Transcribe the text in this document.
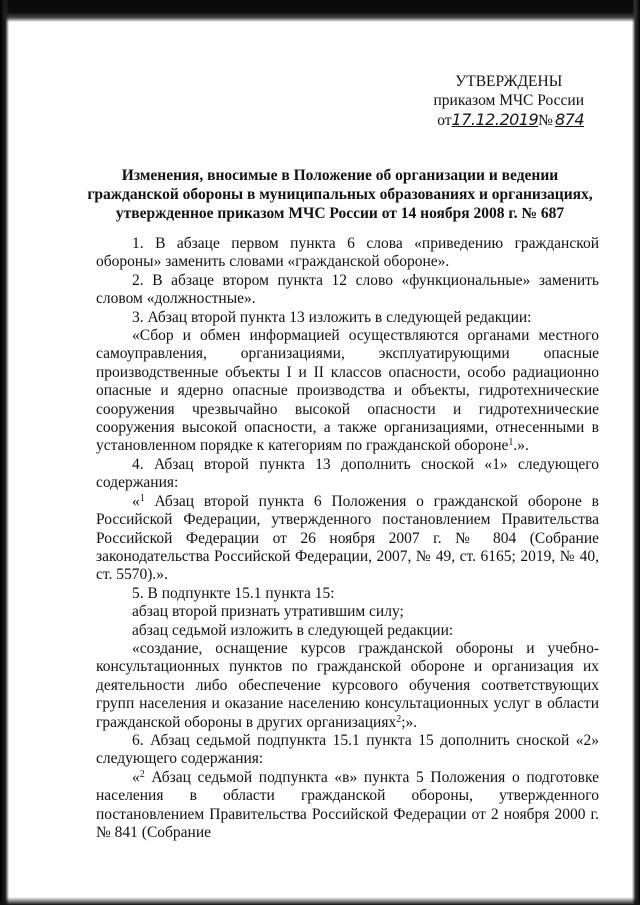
УТВЕРЖДЕНЫ
приказом МЧС России
от17.12.2019№ 874
Изменения, вносимые в Положение об организации и ведении гражданской обороны в муниципальных образованиях и организациях, утвержденное приказом МЧС России от 14 ноября 2008 г. № 687

1. В абзаце первом пункта 6 слова «приведению гражданской обороны» заменить словами «гражданской обороне».

2. В абзаце втором пункта 12 слово «функциональные» заменить словом «должностные».

3. Абзац второй пункта 13 изложить в следующей редакции:

«Сбор и обмен информацией осуществляются органами местного самоуправления, организациями, эксплуатирующими опасные производственные объекты I и II классов опасности, особо радиационно опасные и ядерно опасные производства и объекты, гидротехнические сооружения чрезвычайно высокой опасности и гидротехнические сооружения высокой опасности, а также организациями, отнесенными в установленном порядке к категориям по гражданской обороне$^1$.».

4. Абзац второй пункта 13 дополнить сноской «1» следующего содержания:

«$^1$ Абзац второй пункта 6 Положения о гражданской обороне в Российской Федерации, утвержденного постановлением Правительства Российской Федерации от 26 ноября 2007 г. № 804 (Собрание законодательства Российской Федерации, 2007, № 49, ст. 6165; 2019, № 40, ст. 5570).».

5. В подпункте 15.1 пункта 15:

абзац второй признать утратившим силу;

абзац седьмой изложить в следующей редакции:

«создание, оснащение курсов гражданской обороны и учебно-консультационных пунктов по гражданской обороне и организация их деятельности либо обеспечение курсового обучения соответствующих групп населения и оказание населению консультационных услуг в области гражданской обороны в других организациях$^2$;».

6. Абзац седьмой подпункта 15.1 пункта 15 дополнить сноской «2» следующего содержания:

«$^2$ Абзац седьмой подпункта «в» пункта 5 Положения о подготовке населения в области гражданской обороны, утвержденного постановлением Правительства Российской Федерации от 2 ноября 2000 г. № 841 (Собрание
